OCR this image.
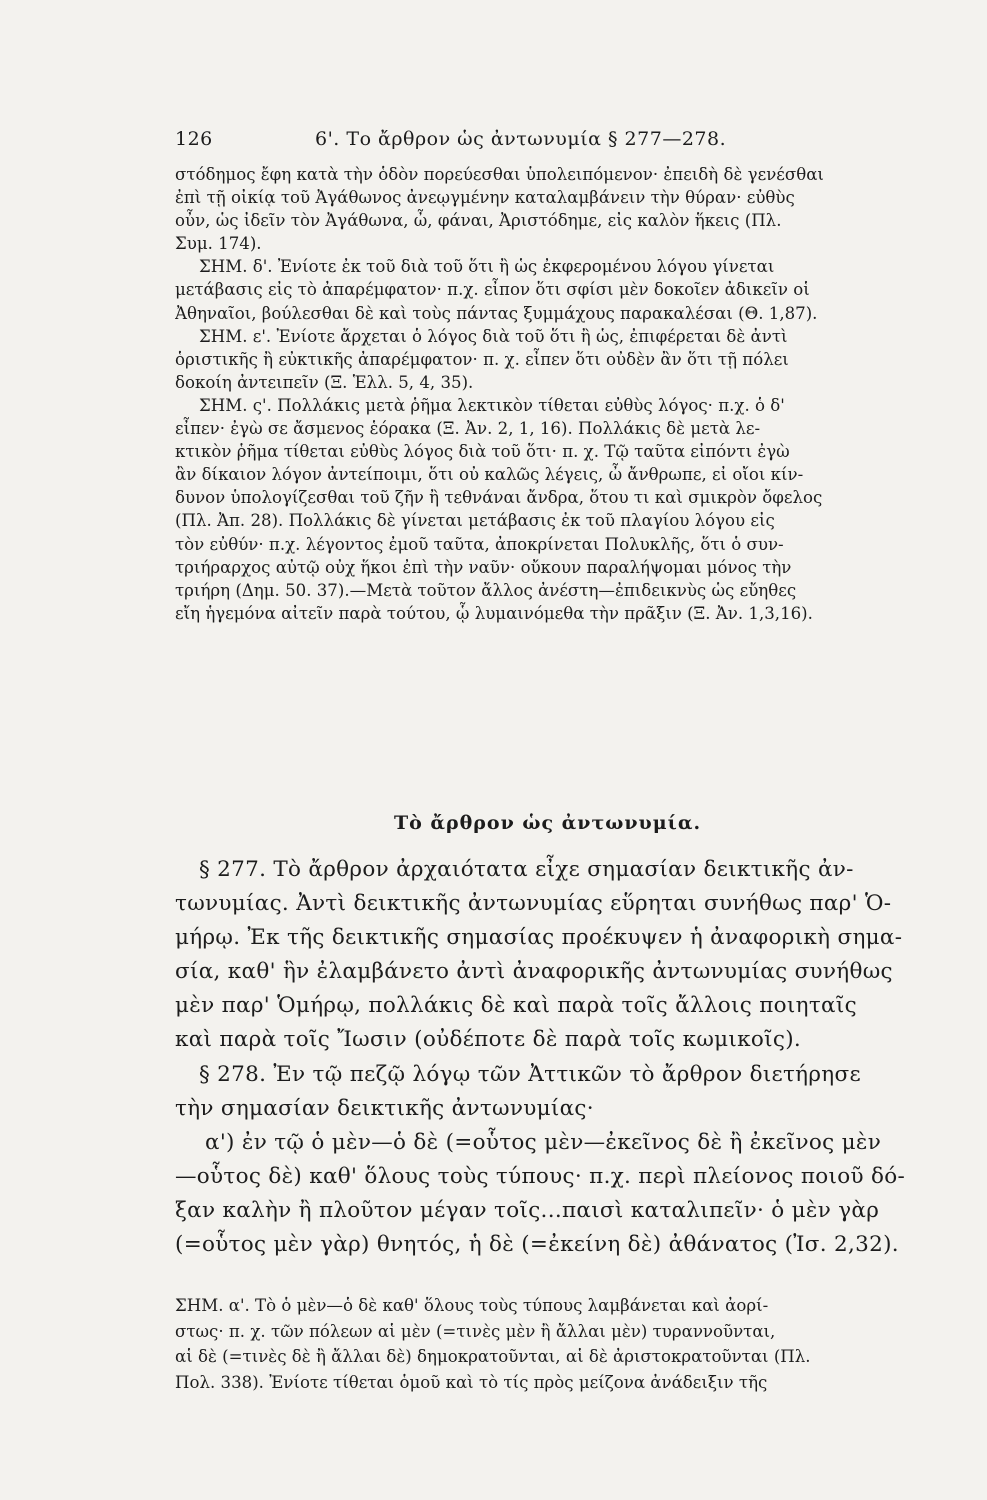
126	6'. Το ἄρθρον ὡς ἀντωνυμία § 277—278.
στόδημος ἔφη κατὰ τὴν ὁδὸν πορεύεσθαι ὑπολειπόμενον· ἐπειδὴ δὲ γενέσθαι
ἐπὶ τῇ οἰκίᾳ τοῦ Ἀγάθωνος ἀνεῳγμένην καταλαμβάνειν τὴν θύραν· εὐθὺς
οὖν, ὡς ἰδεῖν τὸν Ἀγάθωνα, ὦ, φάναι, Ἀριστόδημε, εἰς καλὸν ἥκεις (Πλ.
Συμ. 174).
ΣΗΜ. δ'. Ἐνίοτε ἐκ τοῦ διὰ τοῦ ὅτι ἢ ὡς ἐκφερομένου λόγου γίνεται
μετάβασις εἰς τὸ ἀπαρέμφατον· π.χ. εἶπον ὅτι σφίσι μὲν δοκοῖεν ἀδικεῖν οἱ
Ἀθηναῖοι, βούλεσθαι δὲ καὶ τοὺς πάντας ξυμμάχους παρακαλέσαι (Θ. 1,87).
ΣΗΜ. ε'. Ἐνίοτε ἄρχεται ὁ λόγος διὰ τοῦ ὅτι ἢ ὡς, ἐπιφέρεται δὲ ἀντὶ
ὁριστικῆς ἢ εὐκτικῆς ἀπαρέμφατον· π. χ. εἶπεν ὅτι οὐδὲν ἂν ὅτι τῇ πόλει
δοκοίη ἀντειπεῖν (Ξ. Ἑλλ. 5, 4, 35).
ΣΗΜ. ς'. Πολλάκις μετὰ ῥῆμα λεκτικὸν τίθεται εὐθὺς λόγος· π.χ. ὁ δ'
εἶπεν· ἐγὼ σε ἄσμενος ἑόρακα (Ξ. Ἀν. 2, 1, 16). Πολλάκις δὲ μετὰ λε-
κτικὸν ῥῆμα τίθεται εὐθὺς λόγος διὰ τοῦ ὅτι· π. χ. Τῷ ταῦτα εἰπόντι ἐγὼ
ἂν δίκαιον λόγον ἀντείποιμι, ὅτι οὐ καλῶς λέγεις, ὦ ἄνθρωπε, εἰ οἴοι κίν-
δυνον ὑπολογίζεσθαι τοῦ ζῆν ἢ τεθνάναι ἄνδρα, ὅτου τι καὶ σμικρὸν ὄφελος
(Πλ. Ἀπ. 28). Πολλάκις δὲ γίνεται μετάβασις ἐκ τοῦ πλαγίου λόγου εἰς
τὸν εὐθύν· π.χ. λέγοντος ἐμοῦ ταῦτα, ἀποκρίνεται Πολυκλῆς, ὅτι ὁ συν-
τριήραρχος αὐτῷ οὐχ ἥκοι ἐπὶ τὴν ναῦν· οὔκουν παραλήψομαι μόνος τὴν
τριήρη (Δημ. 50. 37).—Μετὰ τοῦτον ἄλλος ἀνέστη—ἐπιδεικνὺς ὡς εὔηθες
εἴη ἡγεμόνα αἰτεῖν παρὰ τούτου, ᾧ λυμαινόμεθα τὴν πρᾶξιν (Ξ. Ἀν. 1,3,16).
Τὸ ἄρθρον ὡς ἀντωνυμία.
§ 277. Τὸ ἄρθρον ἀρχαιότατα εἶχε σημασίαν δεικτικῆς ἀν-
τωνυμίας. Ἀντὶ δεικτικῆς ἀντωνυμίας εὕρηται συνήθως παρ' Ὁ-
μήρῳ. Ἐκ τῆς δεικτικῆς σημασίας προέκυψεν ἡ ἀναφορικὴ σημα-
σία, καθ' ἣν ἐλαμβάνετο ἀντὶ ἀναφορικῆς ἀντωνυμίας συνήθως
μὲν παρ' Ὁμήρῳ, πολλάκις δὲ καὶ παρὰ τοῖς ἄλλοις ποιηταῖς
καὶ παρὰ τοῖς Ἴωσιν (οὐδέποτε δὲ παρὰ τοῖς κωμικοῖς).
§ 278. Ἐν τῷ πεζῷ λόγῳ τῶν Ἀττικῶν τὸ ἄρθρον διετήρησε
τὴν σημασίαν δεικτικῆς ἀντωνυμίας·
α') ἐν τῷ ὁ μὲν—ὁ δὲ (=οὗτος μὲν—ἐκεῖνος δὲ ἢ ἐκεῖνος μὲν
—οὗτος δὲ) καθ' ὅλους τοὺς τύπους· π.χ. περὶ πλείονος ποιοῦ δό-
ξαν καλὴν ἢ πλοῦτον μέγαν τοῖς...παισὶ καταλιπεῖν· ὁ μὲν γὰρ
(=οὗτος μὲν γὰρ) θνητός, ἡ δὲ (=ἐκείνη δὲ) ἀθάνατος (Ἰσ. 2,32).
ΣΗΜ. α'. Τὸ ὁ μὲν—ὁ δὲ καθ' ὅλους τοὺς τύπους λαμβάνεται καὶ ἀορί-
στως· π. χ. τῶν πόλεων αἱ μὲν (=τινὲς μὲν ἢ ἄλλαι μὲν) τυραννοῦνται,
αἱ δὲ (=τινὲς δὲ ἢ ἄλλαι δὲ) δημοκρατοῦνται, αἱ δὲ ἀριστοκρατοῦνται (Πλ.
Πολ. 338). Ἐνίοτε τίθεται ὁμοῦ καὶ τὸ τίς πρὸς μείζονα ἀνάδειξιν τῆς
